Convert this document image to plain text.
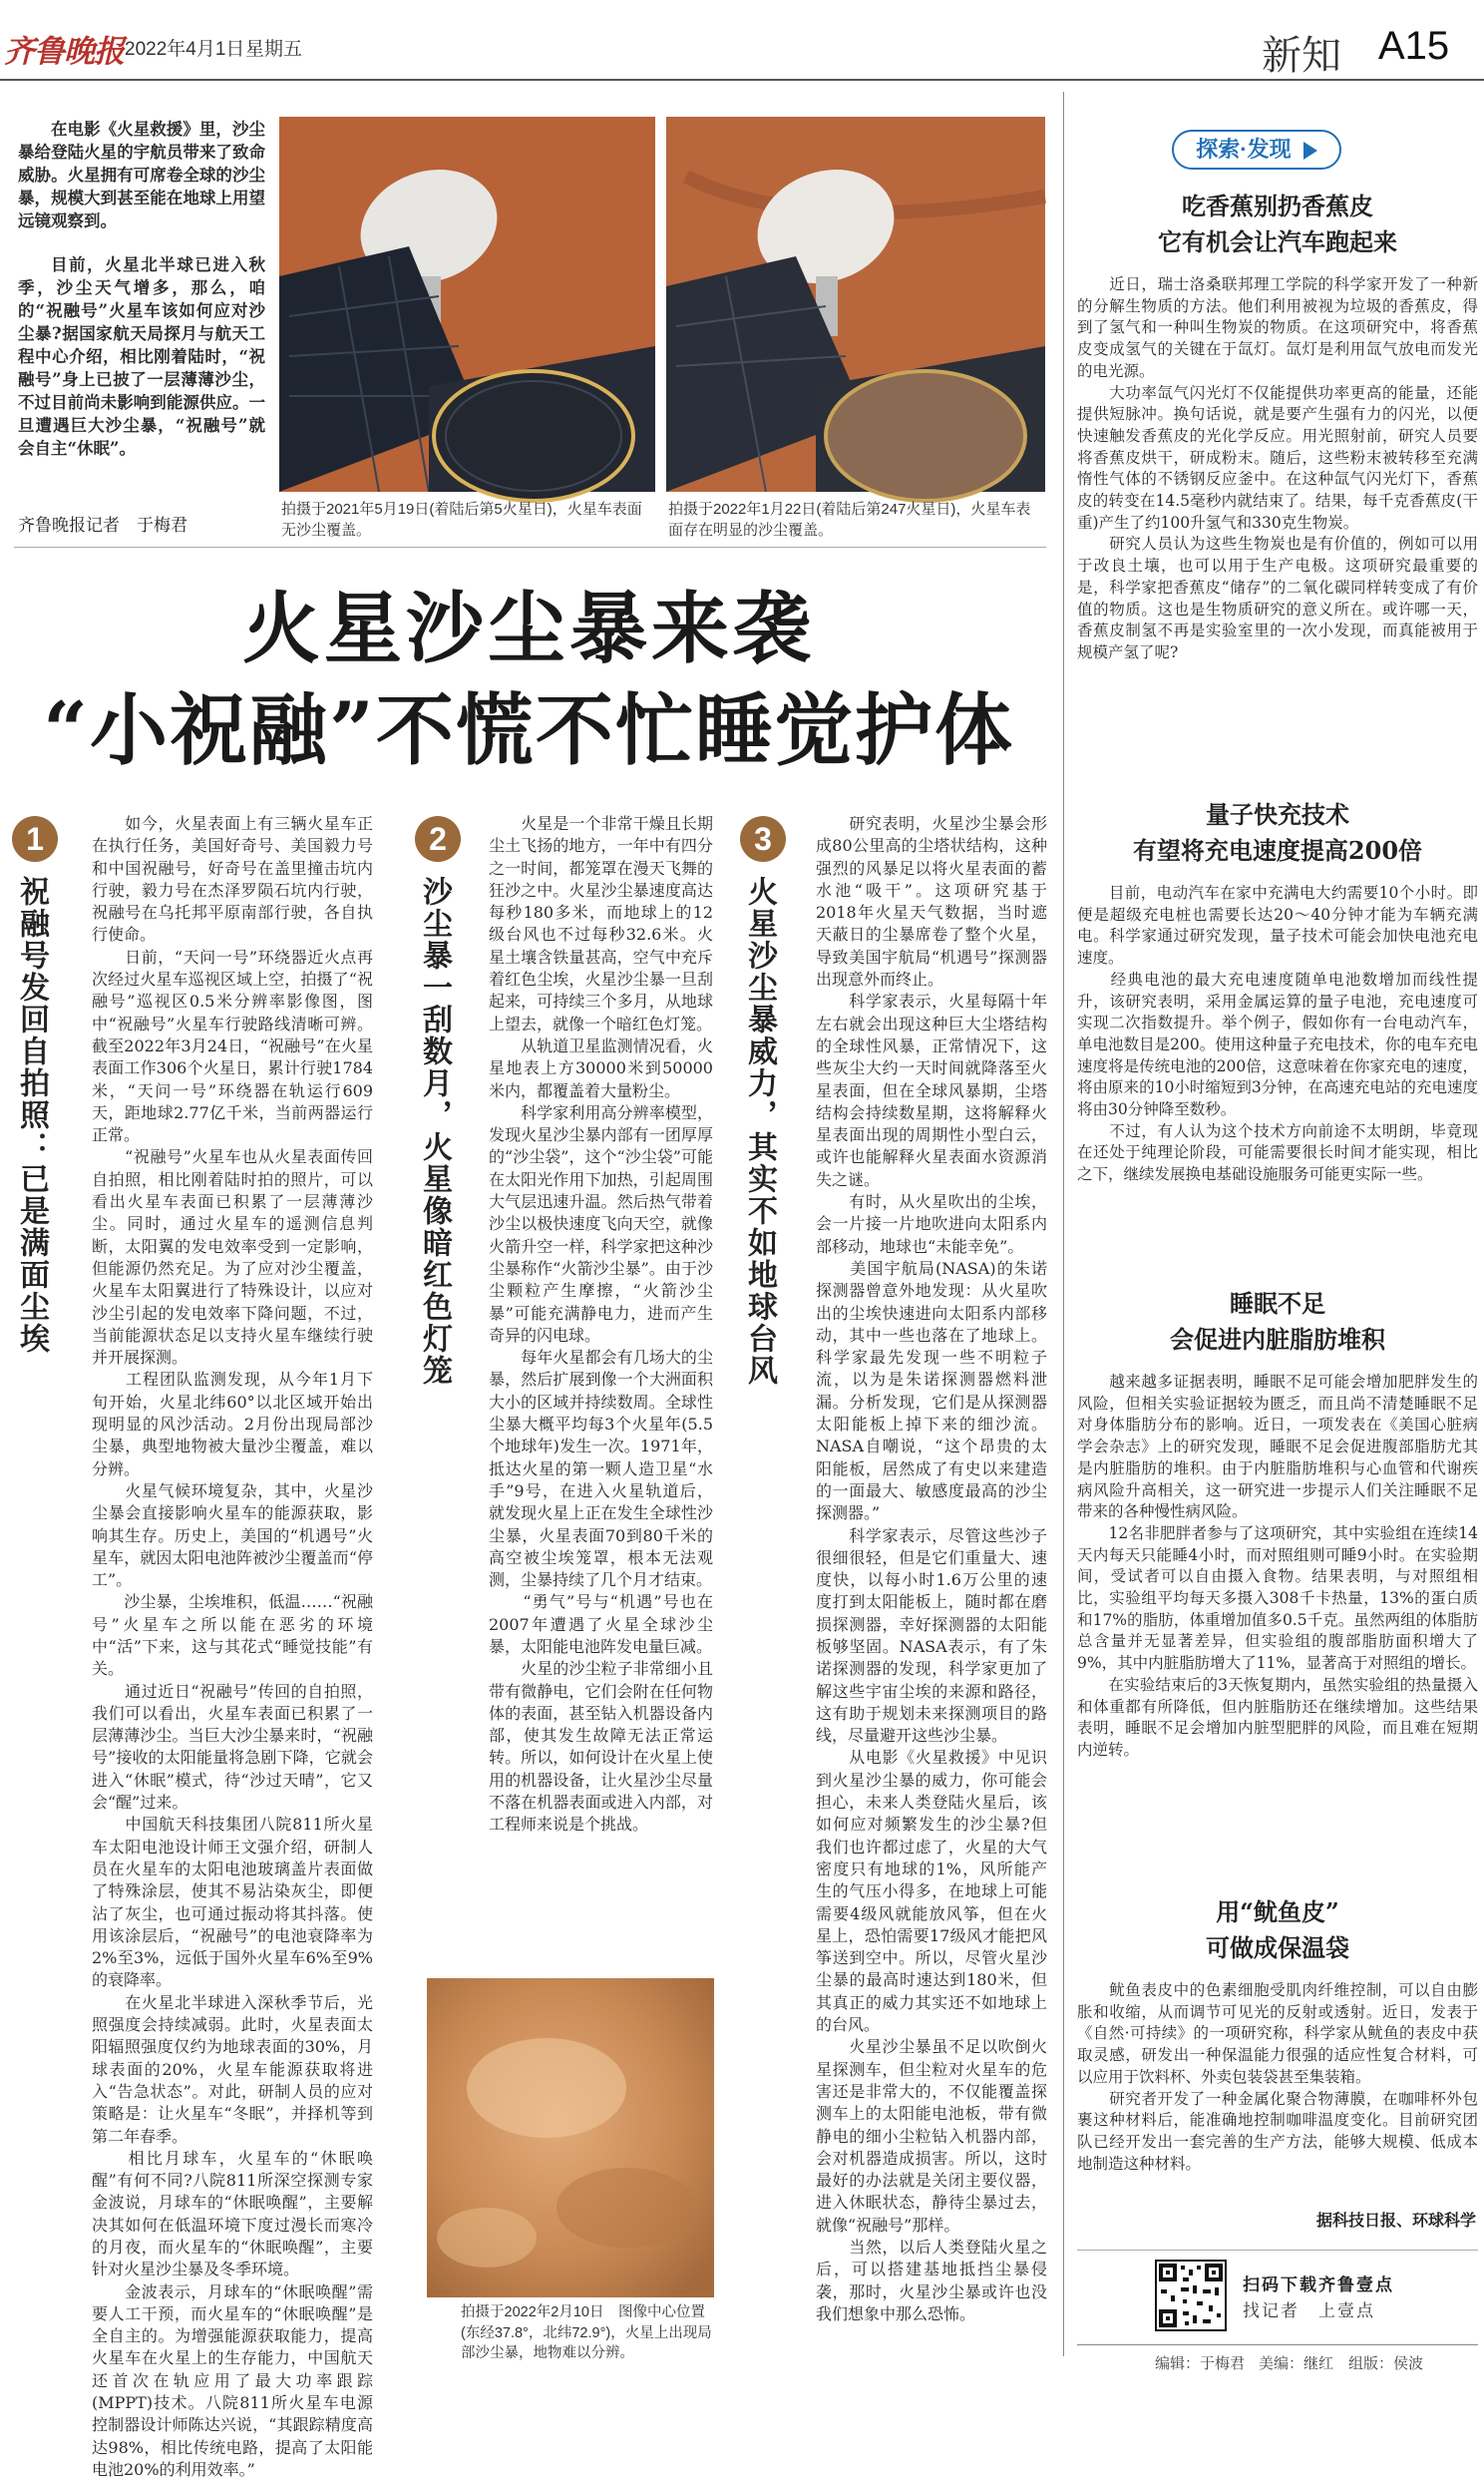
齐鲁晚报 2022年4月1日 星期五	新知 A15
在电影《火星救援》里，沙尘暴给登陆火星的宇航员带来了致命威胁。火星拥有可席卷全球的沙尘暴，规模大到甚至能在地球上用望远镜观察到。
目前，火星北半球已进入秋季，沙尘天气增多，那么，咱的“祝融号”火星车该如何应对沙尘暴?据国家航天局探月与航天工程中心介绍，相比刚着陆时，“祝融号”身上已披了一层薄薄沙尘，不过目前尚未影响到能源供应。一旦遭遇巨大沙尘暴，“祝融号”就会自主“休眠”。
齐鲁晚报记者　于梅君
拍摄于2021年5月19日(着陆后第5火星日)，火星车表面无沙尘覆盖。
拍摄于2022年1月22日(着陆后第247火星日)，火星车表面存在明显的沙尘覆盖。
火星沙尘暴来袭
“小祝融”不慌不忙睡觉护体
1
祝融号发回自拍照：已是满面尘埃
　　如今，火星表面上有三辆火星车正在执行任务，美国好奇号、美国毅力号和中国祝融号，好奇号在盖里撞击坑内行驶，毅力号在杰泽罗陨石坑内行驶，祝融号在乌托邦平原南部行驶，各自执行使命。
　　日前，“天问一号”环绕器近火点再次经过火星车巡视区域上空，拍摄了“祝融号”巡视区0.5米分辨率影像图，图中“祝融号”火星车行驶路线清晰可辨。截至2022年3月24日，“祝融号”在火星表面工作306个火星日，累计行驶1784米，“天问一号”环绕器在轨运行609天，距地球2.77亿千米，当前两器运行正常。
　　“祝融号”火星车也从火星表面传回自拍照，相比刚着陆时拍的照片，可以看出火星车表面已积累了一层薄薄沙尘。同时，通过火星车的遥测信息判断，太阳翼的发电效率受到一定影响，但能源仍然充足。为了应对沙尘覆盖，火星车太阳翼进行了特殊设计，以应对沙尘引起的发电效率下降问题，不过，当前能源状态足以支持火星车继续行驶并开展探测。
　　工程团队监测发现，从今年1月下旬开始，火星北纬60°以北区域开始出现明显的风沙活动。2月份出现局部沙尘暴，典型地物被大量沙尘覆盖，难以分辨。
　　火星气候环境复杂，其中，火星沙尘暴会直接影响火星车的能源获取，影响其生存。历史上，美国的“机遇号”火星车，就因太阳电池阵被沙尘覆盖而“停工”。
　　沙尘暴，尘埃堆积，低温……“祝融号”火星车之所以能在恶劣的环境中“活”下来，这与其花式“睡觉技能”有关。
　　通过近日“祝融号”传回的自拍照，我们可以看出，火星车表面已积累了一层薄薄沙尘。当巨大沙尘暴来时，“祝融号”接收的太阳能量将急剧下降，它就会进入“休眠”模式，待“沙过天晴”，它又会“醒”过来。
　　中国航天科技集团八院811所火星车太阳电池设计师王文强介绍，研制人员在火星车的太阳电池玻璃盖片表面做了特殊涂层，使其不易沾染灰尘，即便沾了灰尘，也可通过振动将其抖落。使用该涂层后，“祝融号”的电池衰降率为2%至3%，远低于国外火星车6%至9%的衰降率。
　　在火星北半球进入深秋季节后，光照强度会持续减弱。此时，火星表面太阳辐照强度仅约为地球表面的30%，月球表面的20%，火星车能源获取将进入“告急状态”。对此，研制人员的应对策略是：让火星车“冬眠”，并择机等到第二年春季。
　　相比月球车，火星车的“休眠唤醒”有何不同?八院811所深空探测专家金波说，月球车的“休眠唤醒”，主要解决其如何在低温环境下度过漫长而寒冷的月夜，而火星车的“休眠唤醒”，主要针对火星沙尘暴及冬季环境。
　　金波表示，月球车的“休眠唤醒”需要人工干预，而火星车的“休眠唤醒”是全自主的。为增强能源获取能力，提高火星车在火星上的生存能力，中国航天还首次在轨应用了最大功率跟踪(MPPT)技术。八院811所火星车电源控制器设计师陈达兴说，“其跟踪精度高达98%，相比传统电路，提高了太阳能电池20%的利用效率。”
2
沙尘暴一刮数月，火星像暗红色灯笼
　　火星是一个非常干燥且长期尘土飞扬的地方，一年中有四分之一时间，都笼罩在漫天飞舞的狂沙之中。火星沙尘暴速度高达每秒180多米，而地球上的12级台风也不过每秒32.6米。火星土壤含铁量甚高，空气中充斥着红色尘埃，火星沙尘暴一旦刮起来，可持续三个多月，从地球上望去，就像一个暗红色灯笼。
　　从轨道卫星监测情况看，火星地表上方30000米到50000米内，都覆盖着大量粉尘。
　　科学家利用高分辨率模型，发现火星沙尘暴内部有一团厚厚的“沙尘袋”，这个“沙尘袋”可能在太阳光作用下加热，引起周围大气层迅速升温。然后热气带着沙尘以极快速度飞向天空，就像火箭升空一样，科学家把这种沙尘暴称作“火箭沙尘暴”。由于沙尘颗粒产生摩擦，“火箭沙尘暴”可能充满静电力，进而产生奇异的闪电球。
　　每年火星都会有几场大的尘暴，然后扩展到像一个大洲面积大小的区域并持续数周。全球性尘暴大概平均每3个火星年(5.5个地球年)发生一次。1971年，抵达火星的第一颗人造卫星“水手”9号，在进入火星轨道后，就发现火星上正在发生全球性沙尘暴，火星表面70到80千米的高空被尘埃笼罩，根本无法观测，尘暴持续了几个月才结束。
　　“勇气”号与“机遇”号也在2007年遭遇了火星全球沙尘暴，太阳能电池阵发电量巨减。
　　火星的沙尘粒子非常细小且带有微静电，它们会附在任何物体的表面，甚至钻入机器设备内部，使其发生故障无法正常运转。所以，如何设计在火星上使用的机器设备，让火星沙尘尽量不落在机器表面或进入内部，对工程师来说是个挑战。
拍摄于2022年2月10日　图像中心位置(东经37.8°，北纬72.9°)，火星上出现局部沙尘暴，地物难以分辨。
3
火星沙尘暴威力，其实不如地球台风
　　研究表明，火星沙尘暴会形成80公里高的尘塔状结构，这种强烈的风暴足以将火星表面的蓄水池“吸干”。这项研究基于2018年火星天气数据，当时遮天蔽日的尘暴席卷了整个火星，导致美国宇航局“机遇号”探测器出现意外而终止。
　　科学家表示，火星每隔十年左右就会出现这种巨大尘塔结构的全球性风暴，正常情况下，这些灰尘大约一天时间就降落至火星表面，但在全球风暴期，尘塔结构会持续数星期，这将解释火星表面出现的周期性小型白云，或许也能解释火星表面水资源消失之谜。
　　有时，从火星吹出的尘埃，会一片接一片地吹进向太阳系内部移动，地球也“未能幸免”。
　　美国宇航局(NASA)的朱诺探测器曾意外地发现：从火星吹出的尘埃快速进向太阳系内部移动，其中一些也落在了地球上。科学家最先发现一些不明粒子流，以为是朱诺探测器燃料泄漏。分析发现，它们是从探测器太阳能板上掉下来的细沙流。NASA自嘲说，“这个昂贵的太阳能板，居然成了有史以来建造的一面最大、敏感度最高的沙尘探测器。”
　　科学家表示，尽管这些沙子很细很轻，但是它们重量大、速度快，以每小时1.6万公里的速度打到太阳能板上，随时都在磨损探测器，幸好探测器的太阳能板够坚固。NASA表示，有了朱诺探测器的发现，科学家更加了解这些宇宙尘埃的来源和路径，这有助于规划未来探测项目的路线，尽量避开这些沙尘暴。
　　从电影《火星救援》中见识到火星沙尘暴的威力，你可能会担心，未来人类登陆火星后，该如何应对频繁发生的沙尘暴?但我们也许都过虑了，火星的大气密度只有地球的1%，风所能产生的气压小得多，在地球上可能需要4级风就能放风筝，但在火星上，恐怕需要17级风才能把风筝送到空中。所以，尽管火星沙尘暴的最高时速达到180米，但其真正的威力其实还不如地球上的台风。
　　火星沙尘暴虽不足以吹倒火星探测车，但尘粒对火星车的危害还是非常大的，不仅能覆盖探测车上的太阳能电池板，带有微静电的细小尘粒钻入机器内部，会对机器造成损害。所以，这时最好的办法就是关闭主要仪器，进入休眠状态，静待尘暴过去，就像“祝融号”那样。
　　当然，以后人类登陆火星之后，可以搭建基地抵挡尘暴侵袭，那时，火星沙尘暴或许也没我们想象中那么恐怖。
探索·发现
吃香蕉别扔香蕉皮
它有机会让汽车跑起来
　　近日，瑞士洛桑联邦理工学院的科学家开发了一种新的分解生物质的方法。他们利用被视为垃圾的香蕉皮，得到了氢气和一种叫生物炭的物质。在这项研究中，将香蕉皮变成氢气的关键在于氙灯。氙灯是利用氙气放电而发光的电光源。
　　大功率氙气闪光灯不仅能提供功率更高的能量，还能提供短脉冲。换句话说，就是要产生强有力的闪光，以便快速触发香蕉皮的光化学反应。用光照射前，研究人员要将香蕉皮烘干，研成粉末。随后，这些粉末被转移至充满惰性气体的不锈钢反应釜中。在这种氙气闪光灯下，香蕉皮的转变在14.5毫秒内就结束了。结果，每千克香蕉皮(干重)产生了约100升氢气和330克生物炭。
　　研究人员认为这些生物炭也是有价值的，例如可以用于改良土壤，也可以用于生产电极。这项研究最重要的是，科学家把香蕉皮“储存”的二氧化碳同样转变成了有价值的物质。这也是生物质研究的意义所在。或许哪一天，香蕉皮制氢不再是实验室里的一次小发现，而真能被用于规模产氢了呢?
量子快充技术
有望将充电速度提高200倍
　　目前，电动汽车在家中充满电大约需要10个小时。即便是超级充电桩也需要长达20～40分钟才能为车辆充满电。科学家通过研究发现，量子技术可能会加快电池充电速度。
　　经典电池的最大充电速度随单电池数增加而线性提升，该研究表明，采用金属运算的量子电池，充电速度可实现二次指数提升。举个例子，假如你有一台电动汽车，单电池数目是200。使用这种量子充电技术，你的电车充电速度将是传统电池的200倍，这意味着在你家充电的速度，将由原来的10小时缩短到3分钟，在高速充电站的充电速度将由30分钟降至数秒。
　　不过，有人认为这个技术方向前途不太明朗，毕竟现在还处于纯理论阶段，可能需要很长时间才能实现，相比之下，继续发展换电基础设施服务可能更实际一些。
睡眠不足
会促进内脏脂肪堆积
　　越来越多证据表明，睡眠不足可能会增加肥胖发生的风险，但相关实验证据较为匮乏，而且尚不清楚睡眠不足对身体脂肪分布的影响。近日，一项发表在《美国心脏病学会杂志》上的研究发现，睡眠不足会促进腹部脂肪尤其是内脏脂肪的堆积。由于内脏脂肪堆积与心血管和代谢疾病风险升高相关，这一研究进一步提示人们关注睡眠不足带来的各种慢性病风险。
　　12名非肥胖者参与了这项研究，其中实验组在连续14天内每天只能睡4小时，而对照组则可睡9小时。在实验期间，受试者可以自由摄入食物。结果表明，与对照组相比，实验组平均每天多摄入308千卡热量，13%的蛋白质和17%的脂肪，体重增加值多0.5千克。虽然两组的体脂肪总含量并无显著差异，但实验组的腹部脂肪面积增大了9%，其中内脏脂肪增大了11%，显著高于对照组的增长。
　　在实验结束后的3天恢复期内，虽然实验组的热量摄入和体重都有所降低，但内脏脂肪还在继续增加。这些结果表明，睡眠不足会增加内脏型肥胖的风险，而且难在短期内逆转。
用“鱿鱼皮”
可做成保温袋
　　鱿鱼表皮中的色素细胞受肌肉纤维控制，可以自由膨胀和收缩，从而调节可见光的反射或透射。近日，发表于《自然·可持续》的一项研究称，科学家从鱿鱼的表皮中获取灵感，研发出一种保温能力很强的适应性复合材料，可以应用于饮料杯、外卖包装袋甚至集装箱。
　　研究者开发了一种金属化聚合物薄膜，在咖啡杯外包裹这种材料后，能准确地控制咖啡温度变化。目前研究团队已经开发出一套完善的生产方法，能够大规模、低成本地制造这种材料。
据科技日报、环球科学
扫码下载齐鲁壹点
找记者　上壹点
编辑：于梅君 美编：继红 组版：侯波
